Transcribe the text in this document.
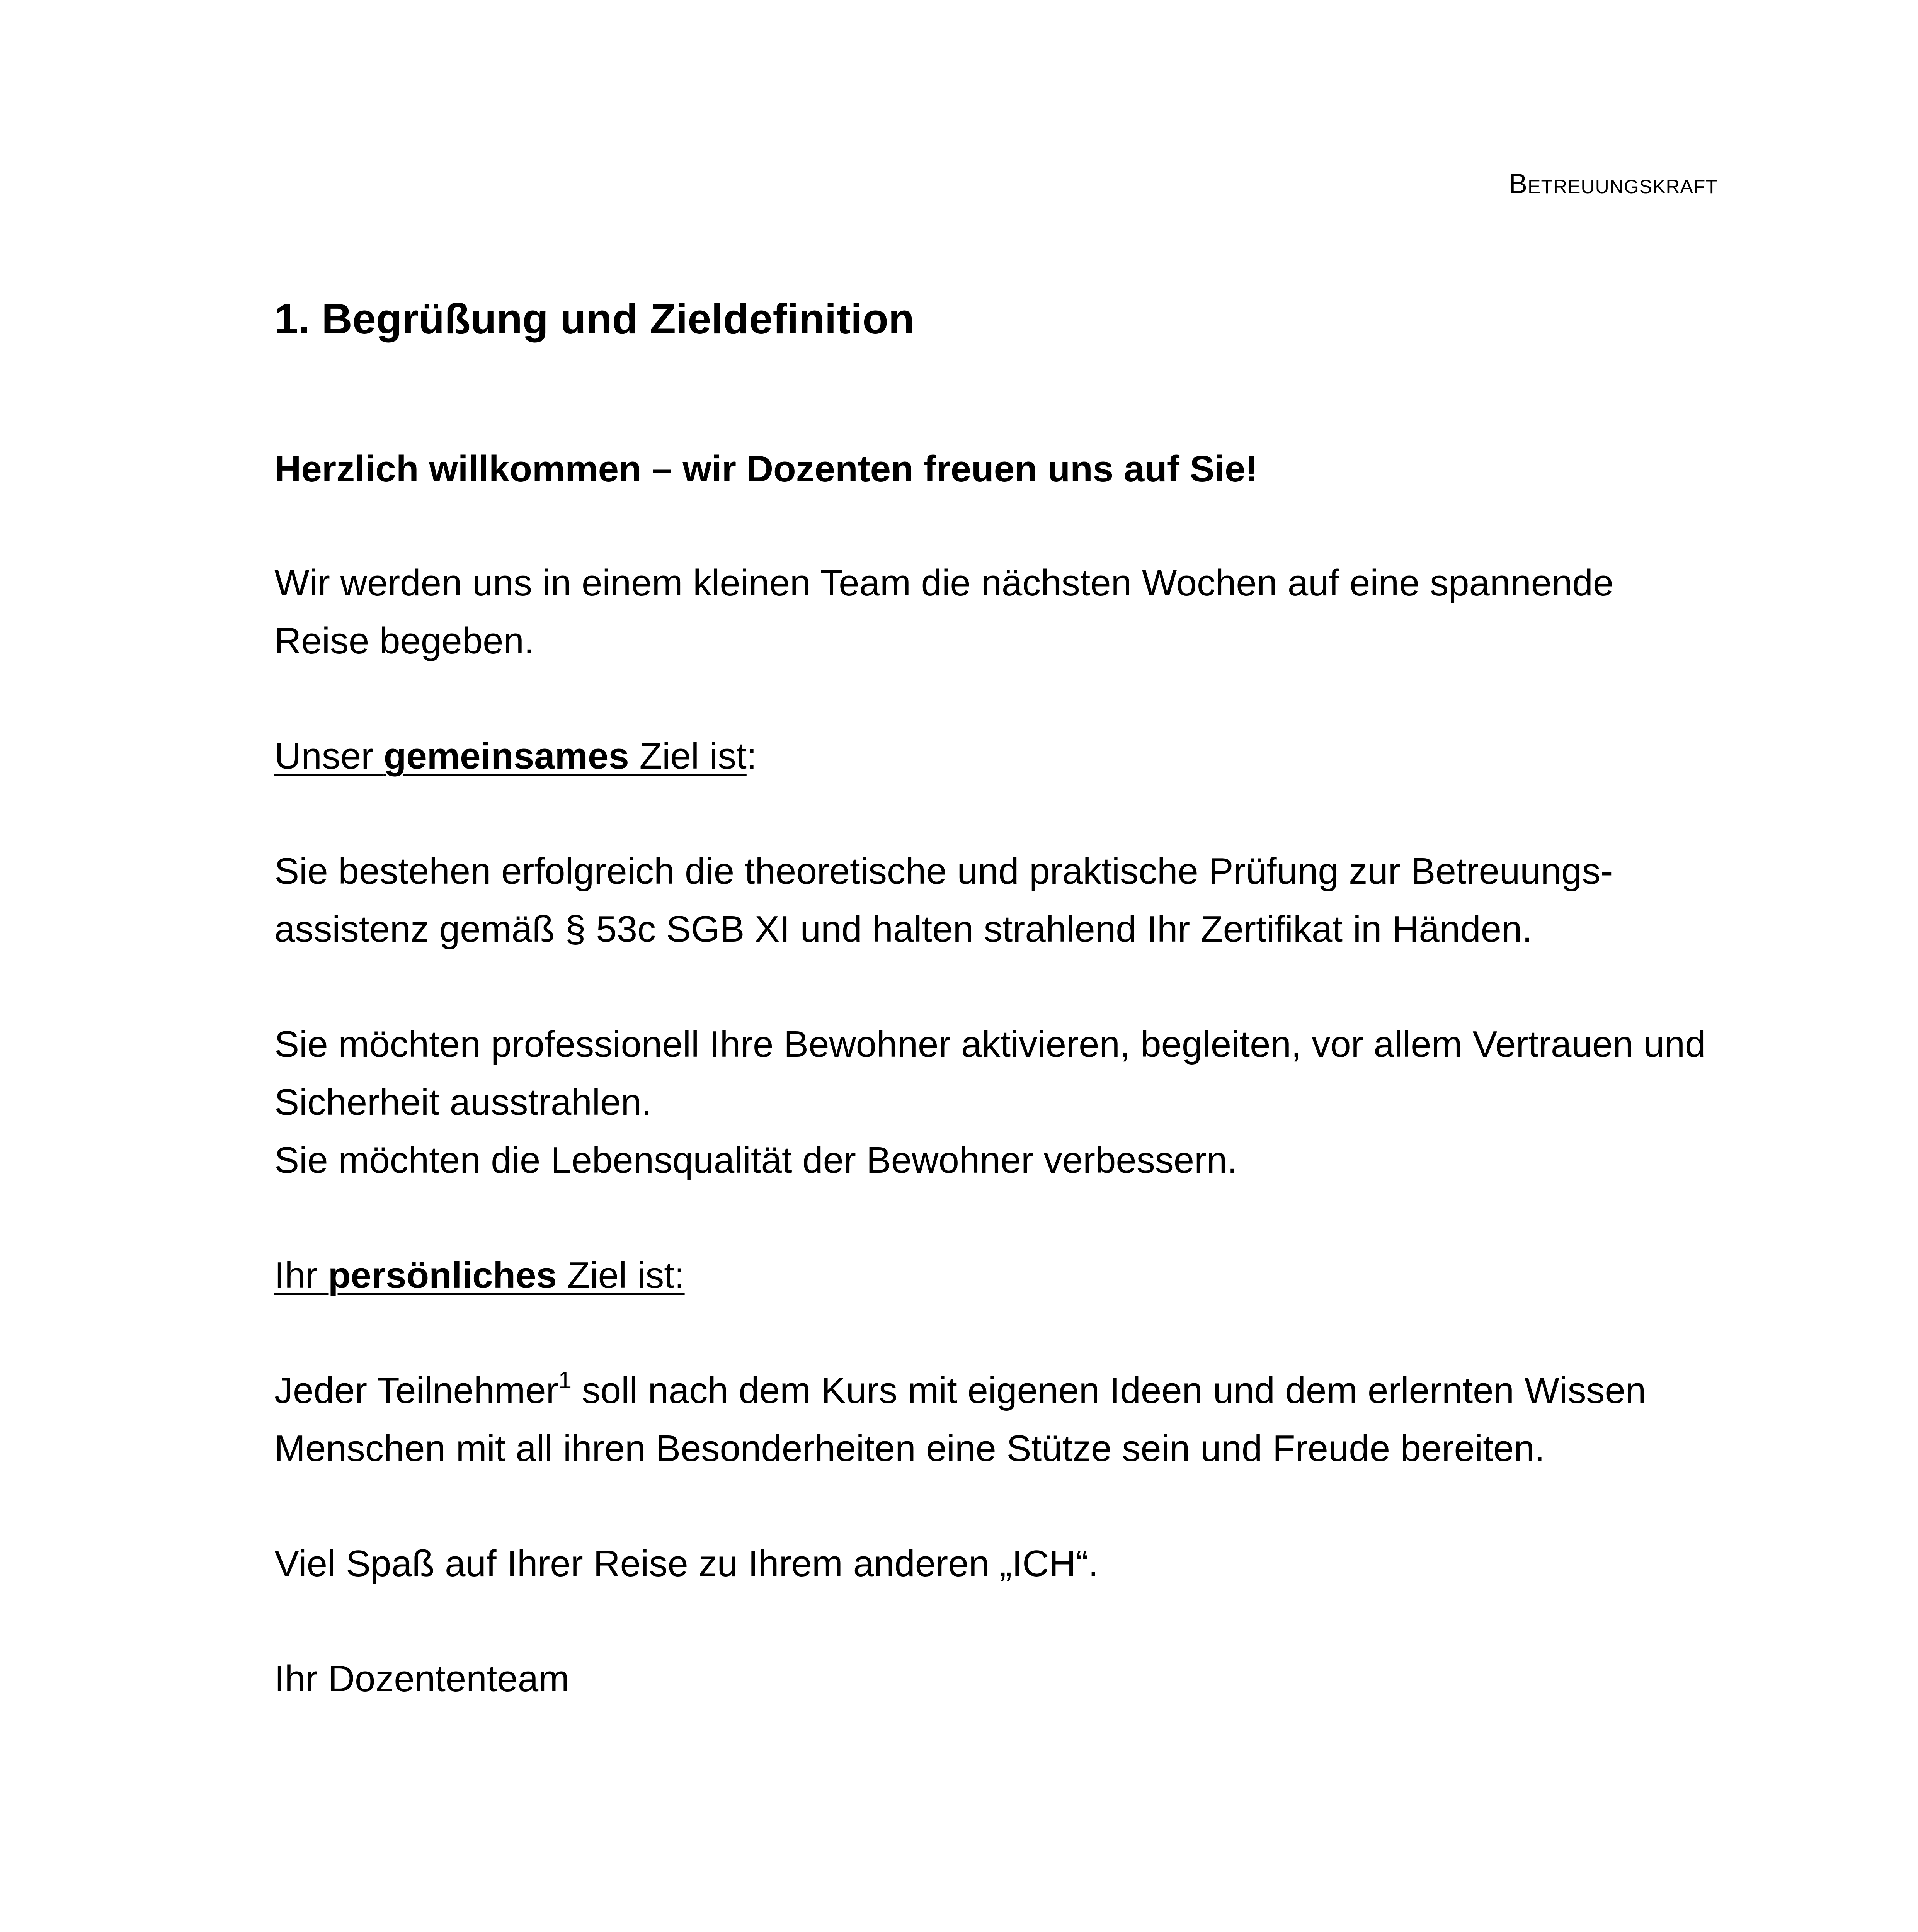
Betreuungskraft
1. Begrüßung und Zieldefinition

Herzlich willkommen – wir Dozenten freuen uns auf Sie!

Wir werden uns in einem kleinen Team die nächsten Wochen auf eine spannende Reise begeben.

Unser gemeinsames Ziel ist:

Sie bestehen erfolgreich die theoretische und praktische Prüfung zur Betreuungs-assistenz gemäß § 53c SGB XI und halten strahlend Ihr Zertifikat in Händen.

Sie möchten professionell Ihre Bewohner aktivieren, begleiten, vor allem Vertrauen und Sicherheit ausstrahlen.

Sie möchten die Lebensqualität der Bewohner verbessern.

Ihr persönliches Ziel ist:

Jeder Teilnehmer$^1$ soll nach dem Kurs mit eigenen Ideen und dem erlernten Wissen Menschen mit all ihren Besonderheiten eine Stütze sein und Freude bereiten.

Viel Spaß auf Ihrer Reise zu Ihrem anderen „ICH“.

Ihr Dozententeam
